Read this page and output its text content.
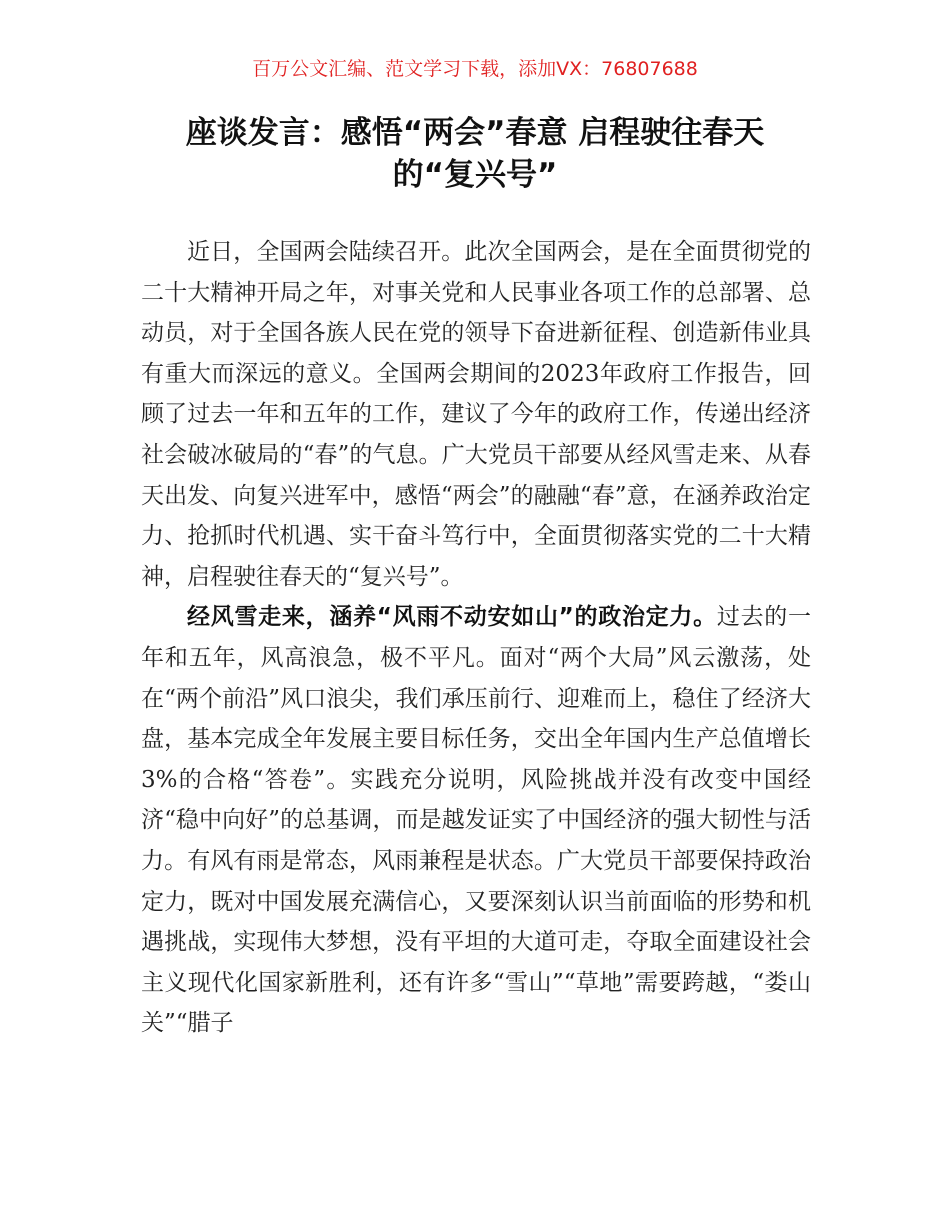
百万公文汇编、范文学习下载，添加VX：76807688
座谈发言：感悟“两会”春意 启程驶往春天
的“复兴号”

近日，全国两会陆续召开。此次全国两会，是在全面贯彻党的二十大精神开局之年，对事关党和人民事业各项工作的总部署、总动员，对于全国各族人民在党的领导下奋进新征程、创造新伟业具有重大而深远的意义。全国两会期间的2023年政府工作报告，回顾了过去一年和五年的工作，建议了今年的政府工作，传递出经济社会破冰破局的“春”的气息。广大党员干部要从经风雪走来、从春天出发、向复兴进军中，感悟“两会”的融融“春”意，在涵养政治定力、抢抓时代机遇、实干奋斗笃行中，全面贯彻落实党的二十大精神，启程驶往春天的“复兴号”。

经风雪走来，涵养“风雨不动安如山”的政治定力。过去的一年和五年，风高浪急，极不平凡。面对“两个大局”风云激荡，处在“两个前沿”风口浪尖，我们承压前行、迎难而上，稳住了经济大盘，基本完成全年发展主要目标任务，交出全年国内生产总值增长3%的合格“答卷”。实践充分说明，风险挑战并没有改变中国经济“稳中向好”的总基调，而是越发证实了中国经济的强大韧性与活力。有风有雨是常态，风雨兼程是状态。广大党员干部要保持政治定力，既对中国发展充满信心，又要深刻认识当前面临的形势和机遇挑战，实现伟大梦想，没有平坦的大道可走，夺取全面建设社会主义现代化国家新胜利，还有许多“雪山”“草地”需要跨越，“娄山关”“腊子
